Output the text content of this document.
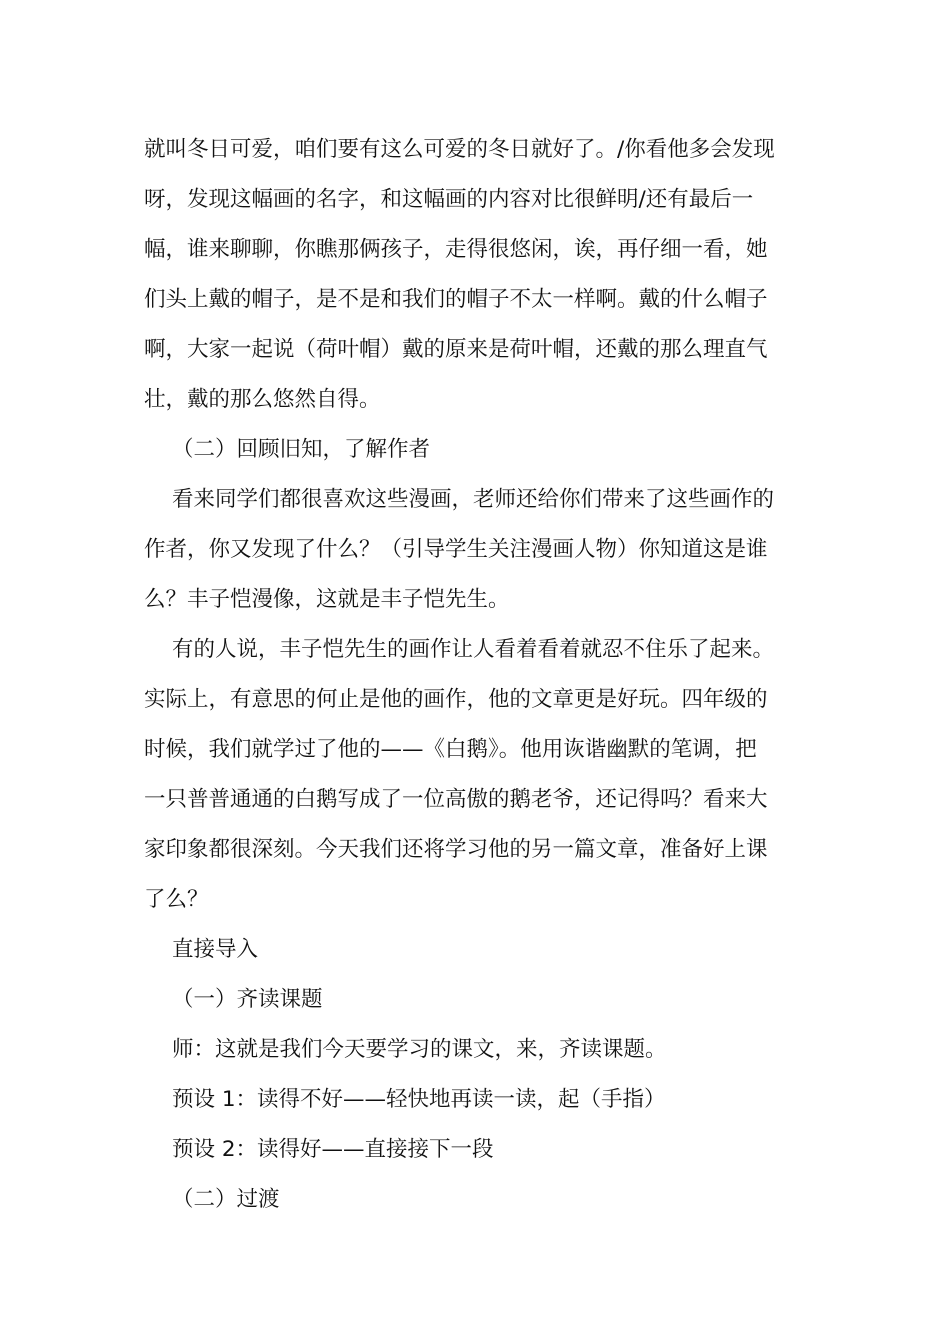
就叫冬日可爱，咱们要有这么可爱的冬日就好了。/你看他多会发现
呀，发现这幅画的名字，和这幅画的内容对比很鲜明/还有最后一
幅，谁来聊聊，你瞧那俩孩子，走得很悠闲，诶，再仔细一看，她
们头上戴的帽子，是不是和我们的帽子不太一样啊。戴的什么帽子
啊，大家一起说（荷叶帽）戴的原来是荷叶帽，还戴的那么理直气
壮，戴的那么悠然自得。
（二）回顾旧知，了解作者
看来同学们都很喜欢这些漫画，老师还给你们带来了这些画作的
作者，你又发现了什么？（引导学生关注漫画人物）你知道这是谁
么？丰子恺漫像，这就是丰子恺先生。
有的人说，丰子恺先生的画作让人看着看着就忍不住乐了起来。
实际上，有意思的何止是他的画作，他的文章更是好玩。四年级的
时候，我们就学过了他的——《白鹅》。他用诙谐幽默的笔调，把
一只普普通通的白鹅写成了一位高傲的鹅老爷，还记得吗？看来大
家印象都很深刻。今天我们还将学习他的另一篇文章，准备好上课
了么？
直接导入
（一）齐读课题
师：这就是我们今天要学习的课文，来，齐读课题。
预设 1：读得不好——轻快地再读一读，起（手指）
预设 2：读得好——直接接下一段
（二）过渡
